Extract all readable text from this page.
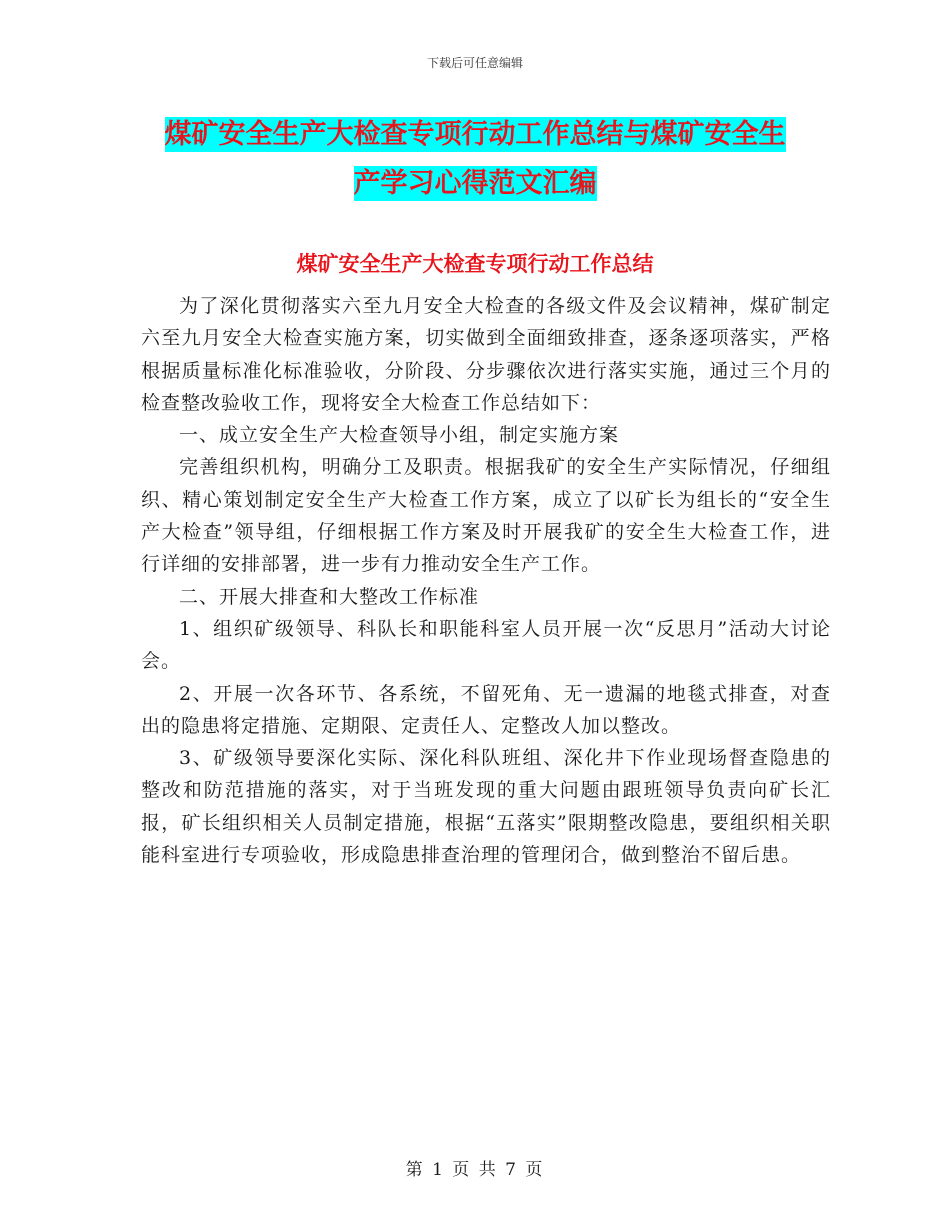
下载后可任意编辑
煤矿安全生产大检查专项行动工作总结与煤矿安全生
产学习心得范文汇编
煤矿安全生产大检查专项行动工作总结

为了深化贯彻落实六至九月安全大检查的各级文件及会议精神，煤矿制定六至九月安全大检查实施方案，切实做到全面细致排查，逐条逐项落实，严格根据质量标准化标准验收，分阶段、分步骤依次进行落实实施，通过三个月的检查整改验收工作，现将安全大检查工作总结如下：

一、成立安全生产大检查领导小组，制定实施方案

完善组织机构，明确分工及职责。根据我矿的安全生产实际情况，仔细组织、精心策划制定安全生产大检查工作方案，成立了以矿长为组长的“安全生产大检查”领导组，仔细根据工作方案及时开展我矿的安全生大检查工作，进行详细的安排部署，进一步有力推动安全生产工作。

二、开展大排查和大整改工作标准

1、组织矿级领导、科队长和职能科室人员开展一次“反思月”活动大讨论会。

2、开展一次各环节、各系统，不留死角、无一遗漏的地毯式排查，对查出的隐患将定措施、定期限、定责任人、定整改人加以整改。

3、矿级领导要深化实际、深化科队班组、深化井下作业现场督查隐患的整改和防范措施的落实，对于当班发现的重大问题由跟班领导负责向矿长汇报，矿长组织相关人员制定措施，根据“五落实”限期整改隐患，要组织相关职能科室进行专项验收，形成隐患排查治理的管理闭合，做到整治不留后患。

第 1 页 共 7 页
